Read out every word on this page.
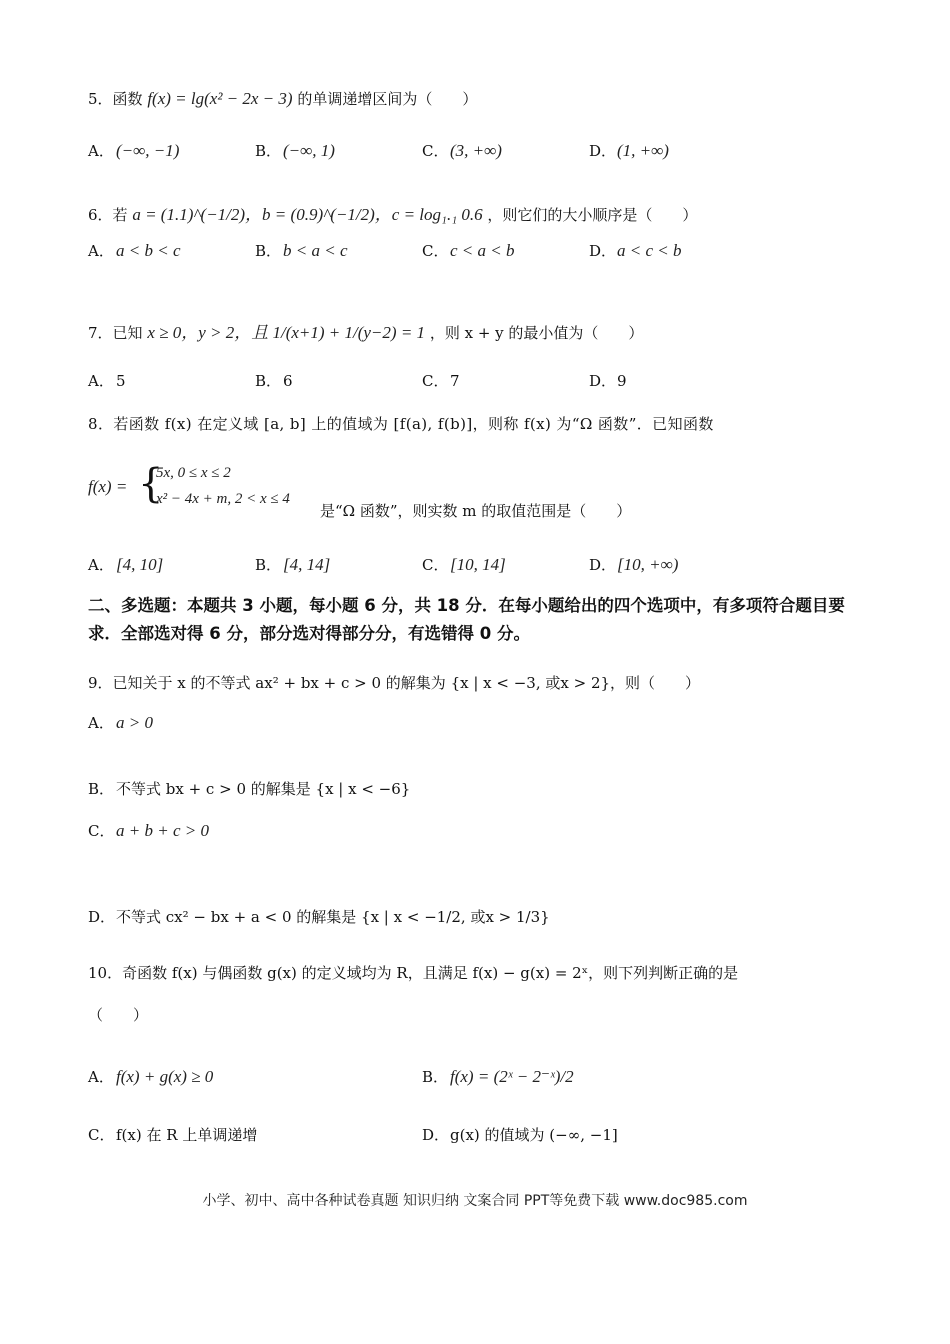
5．函数 f(x) = lg(x² − 2x − 3) 的单调递增区间为（　　）
A． (−∞, −1)	B． (−∞, 1)	C．(3, +∞)	D．(1, +∞)
6．若 a = (1.1)^(−1/2)，b = (0.9)^(−1/2)，c = log₁.₁ 0.6 ，则它们的大小顺序是（　　）
A． a < b < c	B． b < a < c	C．c < a < b	D．a < c < b
7．已知 x ≥ 0，y > 2，且 1/(x+1) + 1/(y−2) = 1 ，则 x + y 的最小值为（　　）
A． 5	B． 6	C． 7	D．9
8．若函数 f(x) 在定义域 [a, b] 上的值域为 [f(a), f(b)]，则称 f(x) 为“Ω 函数”．已知函数
f(x) = {
5x, 0 ≤ x ≤ 2
x² − 4x + m, 2 < x ≤ 4
是“Ω 函数”，则实数 m 的取值范围是（　　）
A． [4, 10]	B． [4, 14]	C．[10, 14]	D．[10, +∞)
二、多选题：本题共 3 小题，每小题 6 分，共 18 分．在每小题给出的四个选项中，有多项符合题目要求．全部选对得 6 分，部分选对得部分分，有选错得 0 分。
9．已知关于 x 的不等式 ax² + bx + c > 0 的解集为 {x | x < −3, 或x > 2}，则（　　）
A． a > 0
B． 不等式 bx + c > 0 的解集是 {x | x < −6}
C．a + b + c > 0
D．不等式 cx² − bx + a < 0 的解集是 {x | x < −1/2, 或x > 1/3}
10．奇函数 f(x) 与偶函数 g(x) 的定义域均为 R，且满足 f(x) − g(x) = 2ˣ，则下列判断正确的是
（　　）
A． f(x) + g(x) ≥ 0	B． f(x) = (2ˣ − 2⁻ˣ)/2
C． f(x) 在 R 上单调递增	D．g(x) 的值域为 (−∞, −1]
小学、初中、高中各种试卷真题 知识归纳 文案合同 PPT等免费下载 www.doc985.com
